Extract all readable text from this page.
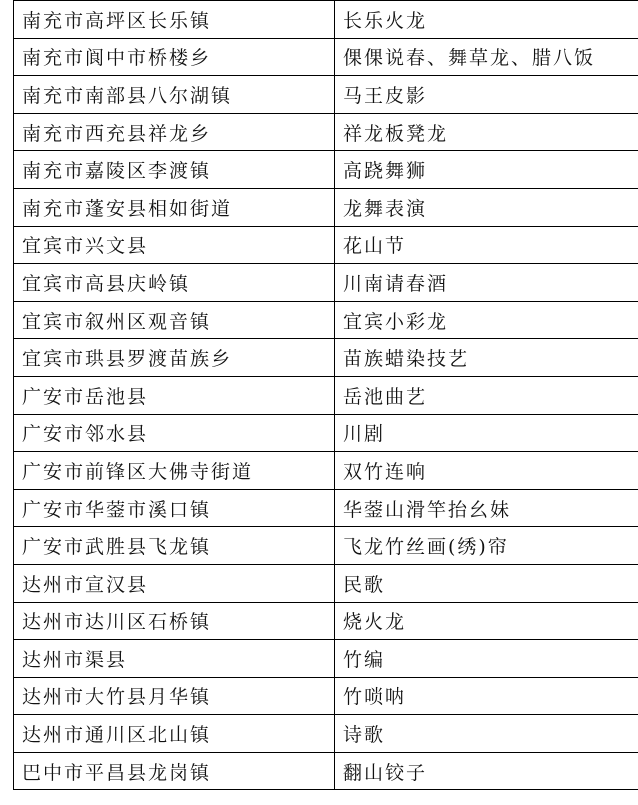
南充市高坪区长乐镇	长乐火龙
南充市阆中市桥楼乡	倮倮说春、舞草龙、腊八饭
南充市南部县八尔湖镇	马王皮影
南充市西充县祥龙乡	祥龙板凳龙
南充市嘉陵区李渡镇	高跷舞狮
南充市蓬安县相如街道	龙舞表演
宜宾市兴文县	花山节
宜宾市高县庆岭镇	川南请春酒
宜宾市叙州区观音镇	宜宾小彩龙
宜宾市珙县罗渡苗族乡	苗族蜡染技艺
广安市岳池县	岳池曲艺
广安市邻水县	川剧
广安市前锋区大佛寺街道	双竹连响
广安市华蓥市溪口镇	华蓥山滑竿抬幺妹
广安市武胜县飞龙镇	飞龙竹丝画(绣)帘
达州市宣汉县	民歌
达州市达川区石桥镇	烧火龙
达州市渠县	竹编
达州市大竹县月华镇	竹唢呐
达州市通川区北山镇	诗歌
巴中市平昌县龙岗镇	翻山铰子
